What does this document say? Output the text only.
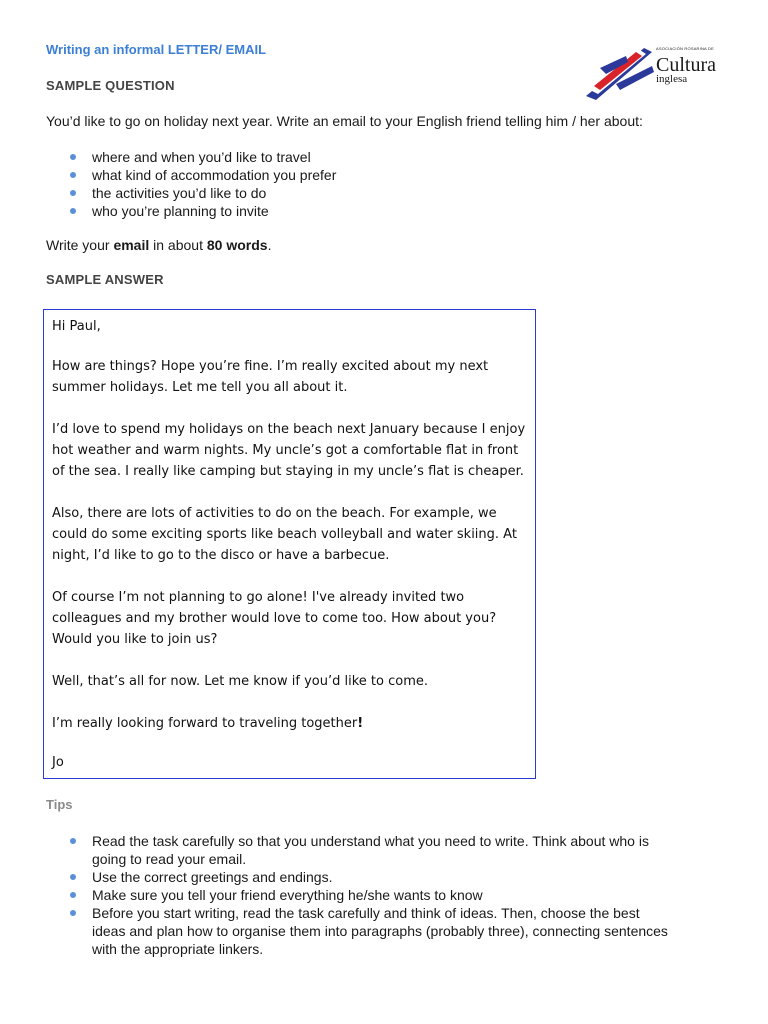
Writing an informal LETTER/ EMAIL	ASOCIACIÓN ROSARINA DE
Cultura
inglesa
SAMPLE QUESTION
You’d like to go on holiday next year. Write an email to your English friend telling him / her about:
where and when you’d like to travel
what kind of accommodation you prefer
the activities you’d like to do
who you’re planning to invite
Write your email in about 80 words.
SAMPLE ANSWER

Hi Paul,

How are things? Hope you’re fine. I’m really excited about my next summer holidays. Let me tell you all about it.

I’d love to spend my holidays on the beach next January because I enjoy hot weather and warm nights. My uncle’s got a comfortable flat in front of the sea. I really like camping but staying in my uncle’s flat is cheaper.

Also, there are lots of activities to do on the beach. For example, we could do some exciting sports like beach volleyball and water skiing. At night, I’d like to go to the disco or have a barbecue.

Of course I’m not planning to go alone! I've already invited two colleagues and my brother would love to come too. How about you? Would you like to join us?

Well, that’s all for now. Let me know if you’d like to come.

I’m really looking forward to traveling together!

Jo

Tips
Read the task carefully so that you understand what you need to write. Think about who is going to read your email.
Use the correct greetings and endings.
Make sure you tell your friend everything he/she wants to know
Before you start writing, read the task carefully and think of ideas. Then, choose the best ideas and plan how to organise them into paragraphs (probably three), connecting sentences with the appropriate linkers.
